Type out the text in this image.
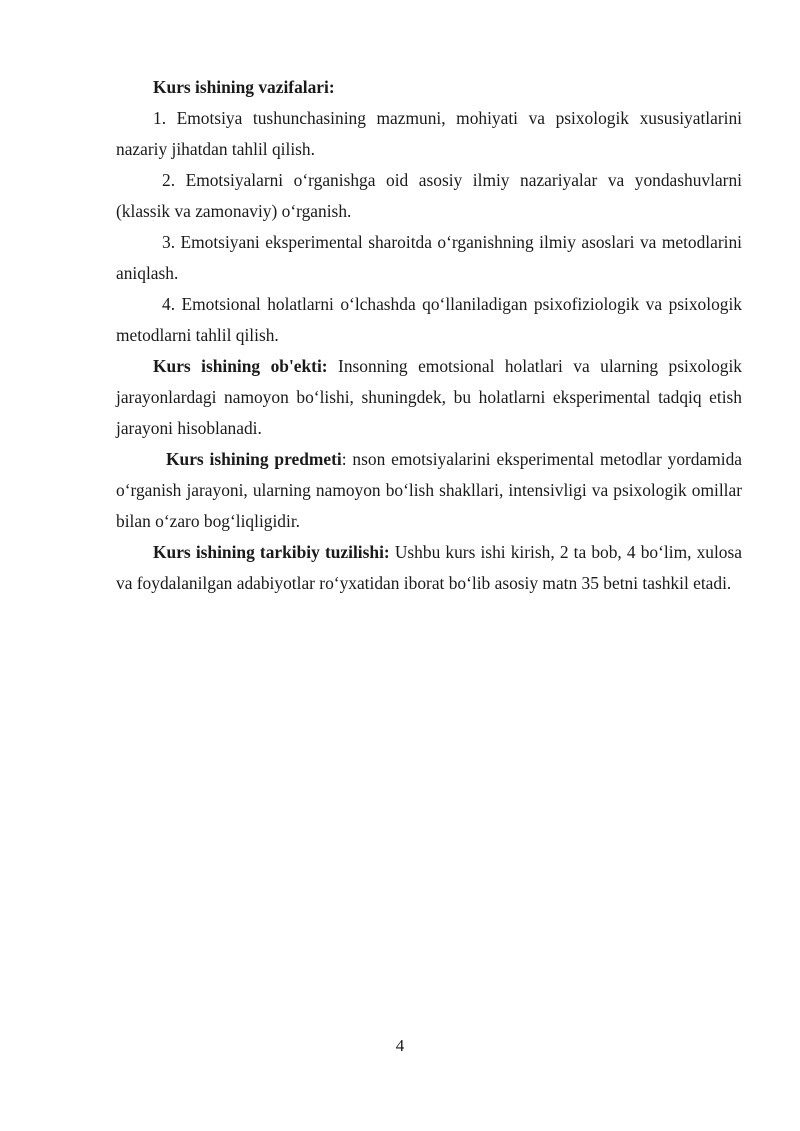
Kurs ishining vazifalari:

1. Emotsiya tushunchasining mazmuni, mohiyati va psixologik xususiyatlarini nazariy jihatdan tahlil qilish.

2. Emotsiyalarni o‘rganishga oid asosiy ilmiy nazariyalar va yondashuvlarni (klassik va zamonaviy) o‘rganish.

3. Emotsiyani eksperimental sharoitda o‘rganishning ilmiy asoslari va metodlarini aniqlash.

4. Emotsional holatlarni o‘lchashda qo‘llaniladigan psixofiziologik va psixologik metodlarni tahlil qilish.

Kurs ishining ob'ekti: Insonning emotsional holatlari va ularning psixologik jarayonlardagi namoyon bo‘lishi, shuningdek, bu holatlarni eksperimental tadqiq etish jarayoni hisoblanadi.

Kurs ishining predmeti: nson emotsiyalarini eksperimental metodlar yordamida o‘rganish jarayoni, ularning namoyon bo‘lish shakllari, intensivligi va psixologik omillar bilan o‘zaro bog‘liqligidir.

Kurs ishining tarkibiy tuzilishi: Ushbu kurs ishi kirish, 2 ta bob, 4 bo‘lim, xulosa va foydalanilgan adabiyotlar ro‘yxatidan iborat bo‘lib asosiy matn 35 betni tashkil etadi.

4
